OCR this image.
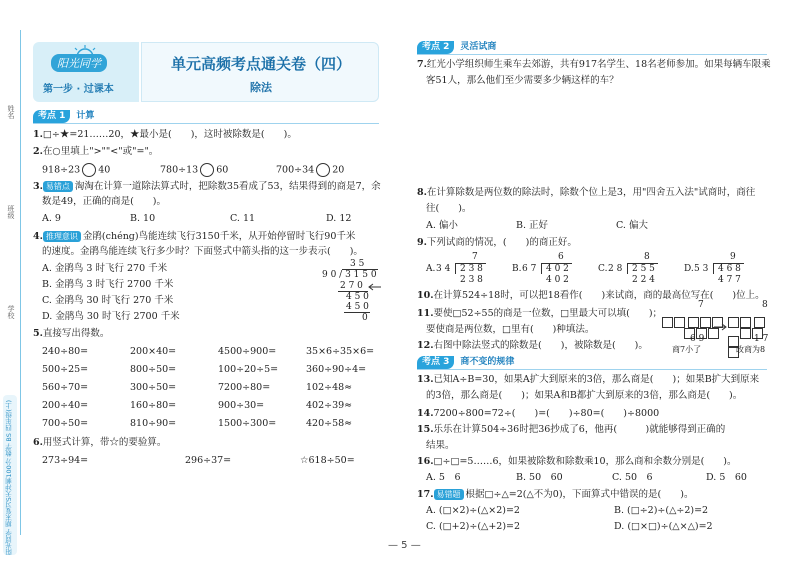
姓名
班级
学校
阳光同学 期末复习5天冲刺100分 数学 BS 四年级(上)
阳光同学
第一步 · 过课本
单元高频考点通关卷（四）
除法
考点 1 计算
1.□÷★=21……20，★最小是(　　)，这时被除数是(　　)。
2.在○里填上">""<"或"="。
918÷23 40	780÷13 60	700÷34 20
3. 易错点 淘淘在计算一道除法算式时，把除数35看成了53，结果得到的商是7，余
数是49，正确的商是(　　)。
A. 9	B. 10	C. 11	D. 12
4. 推理意识 金鹃(chéng)鸟能连续飞行3150千米，从开始停留时飞行90千米
的速度。金鹃鸟能连续飞行多少时？下面竖式中箭头指的这一步表示(　　)。
A. 金鹃鸟 3 时飞行 270 千米
B. 金鹃鸟 3 时飞行 2700 千米
C. 金鹃鸟 30 时飞行 270 千米
D. 金鹃鸟 30 时飞行 2700 千米
3 5
9 0 / 3 1 5 0
2 7 0
4 5 0
4 5 0
0
5.直接写出得数。
240÷80=	200×40=	4500÷900=	35×6÷35×6=
500÷25=	800÷50=	100÷20÷5=	360÷90÷4=
560÷70=	300÷50=	7200÷80=	102÷48≈
200÷40=	160÷80=	900÷30=	402÷39≈
700÷50=	810÷90=	1500÷300=	420÷58≈
6.用竖式计算，带☆的要验算。
273÷94=	296÷37=	☆618÷50=
考点 2 灵活试商
7.红光小学组织师生乘车去郊游，共有917名学生、18名老师参加。如果每辆车限乘
客51人，那么他们至少需要多少辆这样的车？
8.在计算除数是两位数的除法时，除数个位上是3，用"四舍五入法"试商时，商往
往(　　)。
A. 偏小	B. 正好	C. 偏大
9.下列试商的情况，(　　)的商正好。
A.
7
3 4 2 3 8
2 3 8
B.
6
6 7 4 0 2
4 0 2
C.
8
2 8 2 5 5
2 2 4
D.
9
5 3 4 6 8
4 7 7
10.在计算524÷18时，可以把18看作(　　)来试商，商的最高位写在(　　)位上。
11.要使□52÷55的商是一位数，□里最大可以填(　　)；
要使商是两位数，□里有(　　)种填法。
7
6 9
商7小了
8
1 7
改商为8
12.右图中除法竖式的除数是(　　)，被除数是(　　)。
考点 3 商不变的规律
13.已知A÷B=30，如果A扩大到原来的3倍，那么商是(　　)；如果B扩大到原来
的3倍，那么商是(　　)；如果A和B都扩大到原来的3倍，那么商是(　　)。
14.7200÷800=72÷(　　)=(　　)÷80=(　　)÷8000
15.乐乐在计算504÷36时把36抄成了6，他再(　　　)就能够得到正确的
结果。
16.□÷□=5……6，如果被除数和除数乘10，那么商和余数分别是(　　)。
A. 5　6	B. 50　60	C. 50　6	D. 5　60
17. 易错题 根据□÷△=2(△不为0)，下面算式中错误的是(　　)。
A. (□×2)÷(△×2)=2	B. (□÷2)÷(△÷2)=2
C. (□+2)÷(△+2)=2	D. (□×□)÷(△×△)=2
— 5 —
